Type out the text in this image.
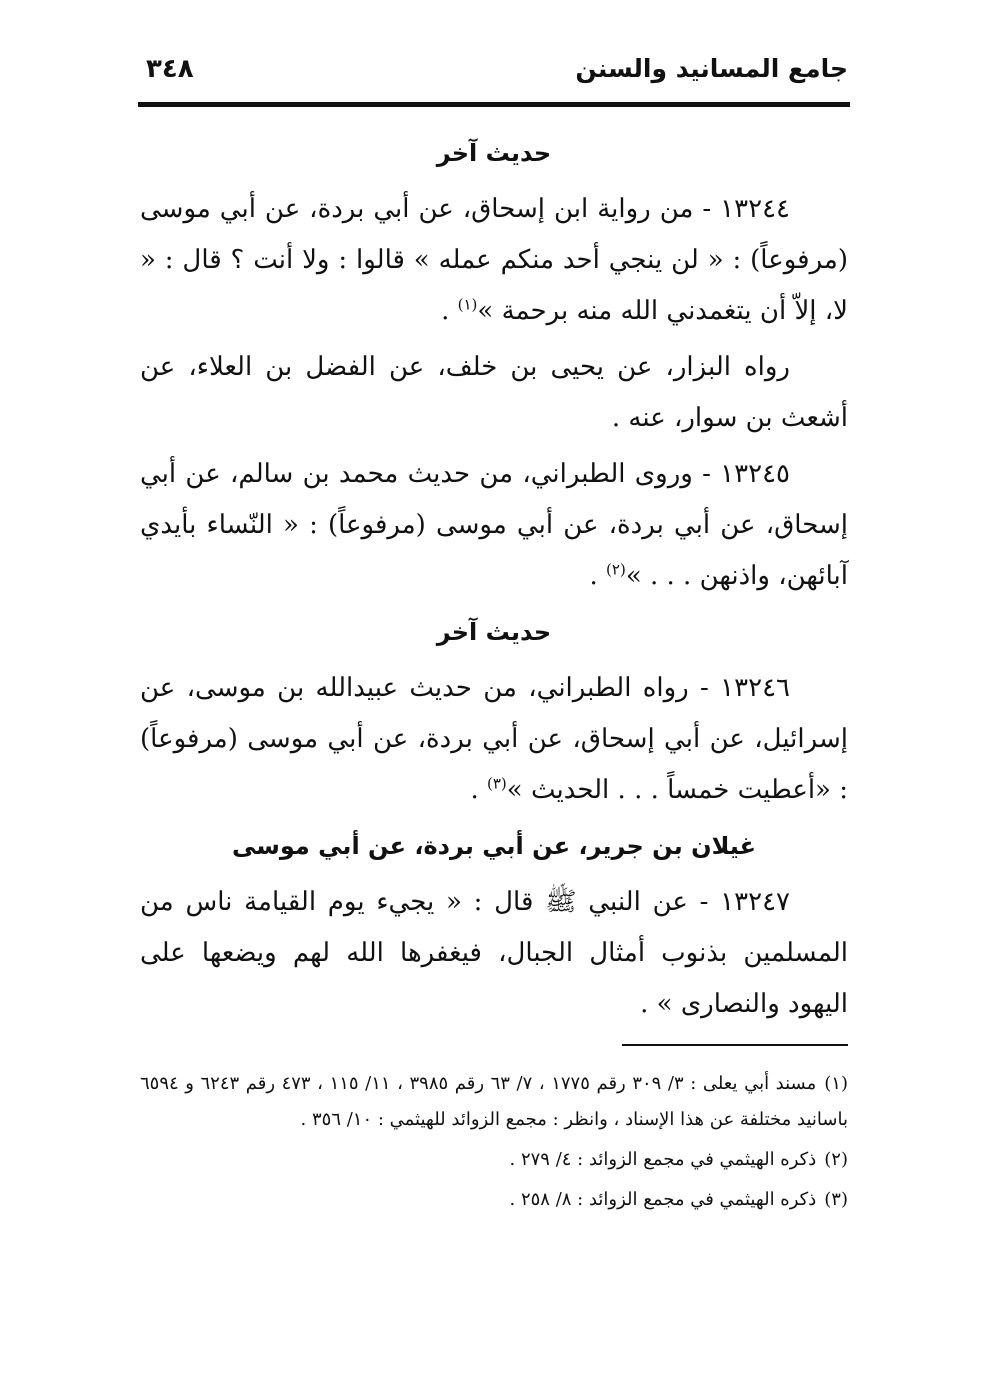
جامع المسانيد والسنن
٣٤٨

حديث آخر

١٣٢٤٤ - من رواية ابن إسحاق، عن أبي بردة، عن أبي موسى (مرفوعاً) : « لن ينجي أحد منكم عمله » قالوا : ولا أنت ؟ قال : « لا، إلاّ أن يتغمدني الله منه برحمة »$^{(١)}$ .

رواه البزار، عن يحيى بن خلف، عن الفضل بن العلاء، عن أشعث بن سوار، عنه .

١٣٢٤٥ - وروى الطبراني، من حديث محمد بن سالم، عن أبي إسحاق، عن أبي بردة، عن أبي موسى (مرفوعاً) : « النّساء بأيدي آبائهن، واذنهن . . . »$^{(٢)}$ .

حديث آخر

١٣٢٤٦ - رواه الطبراني، من حديث عبيدالله بن موسى، عن إسرائيل، عن أبي إسحاق، عن أبي بردة، عن أبي موسى (مرفوعاً) : «أعطيت خمساً . . . الحديث »$^{(٣)}$ .

غيلان بن جرير، عن أبي بردة، عن أبي موسى

١٣٢٤٧ - عن النبي ﷺ قال : « يجيء يوم القيامة ناس من المسلمين بذنوب أمثال الجبال، فيغفرها الله لهم ويضعها على اليهود والنصارى » .

(١)مسند أبي يعلى : ٣/ ٣٠٩ رقم ١٧٧٥ ، ٧/ ٦٣ رقم ٣٩٨٥ ، ١١/ ١١٥ ، ٤٧٣ رقم ٦٢٤٣ و ٦٥٩٤ باسانيد مختلفة عن هذا الإسناد ، وانظر : مجمع الزوائد للهيثمي : ١٠/ ٣٥٦ .

(٢)ذكره الهيثمي في مجمع الزوائد : ٤/ ٢٧٩ .

(٣)ذكره الهيثمي في مجمع الزوائد : ٨/ ٢٥٨ .
